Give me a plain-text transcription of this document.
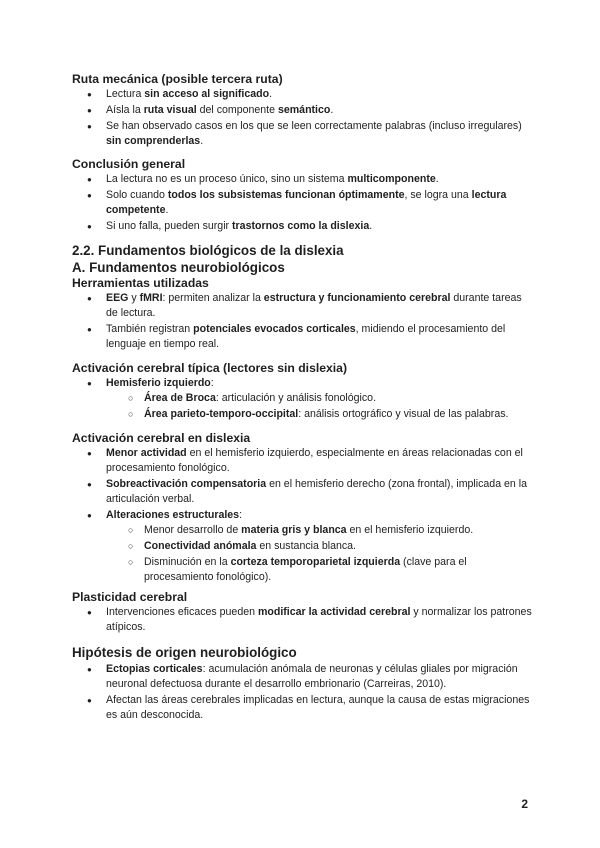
Ruta mecánica (posible tercera ruta)
● Lectura sin acceso al significado.
● Aísla la ruta visual del componente semántico.
● Se han observado casos en los que se leen correctamente palabras (incluso irregulares) sin comprenderlas.
Conclusión general
● La lectura no es un proceso único, sino un sistema multicomponente.
● Solo cuando todos los subsistemas funcionan óptimamente, se logra una lectura competente.
● Si uno falla, pueden surgir trastornos como la dislexia.
2.2. Fundamentos biológicos de la dislexia
A. Fundamentos neurobiológicos
Herramientas utilizadas
● EEG y fMRI: permiten analizar la estructura y funcionamiento cerebral durante tareas de lectura.
● También registran potenciales evocados corticales, midiendo el procesamiento del lenguaje en tiempo real.
Activación cerebral típica (lectores sin dislexia)
● Hemisferio izquierdo:
○ Área de Broca: articulación y análisis fonológico.
○ Área parieto-temporo-occipital: análisis ortográfico y visual de las palabras.
Activación cerebral en dislexia
● Menor actividad en el hemisferio izquierdo, especialmente en áreas relacionadas con el procesamiento fonológico.
● Sobreactivación compensatoria en el hemisferio derecho (zona frontal), implicada en la articulación verbal.
● Alteraciones estructurales:
○ Menor desarrollo de materia gris y blanca en el hemisferio izquierdo.
○ Conectividad anómala en sustancia blanca.
○ Disminución en la corteza temporoparietal izquierda (clave para el procesamiento fonológico).
Plasticidad cerebral
● Intervenciones eficaces pueden modificar la actividad cerebral y normalizar los patrones atípicos.
Hipótesis de origen neurobiológico
● Ectopias corticales: acumulación anómala de neuronas y células gliales por migración neuronal defectuosa durante el desarrollo embrionario (Carreiras, 2010).
● Afectan las áreas cerebrales implicadas en lectura, aunque la causa de estas migraciones es aún desconocida.
2
